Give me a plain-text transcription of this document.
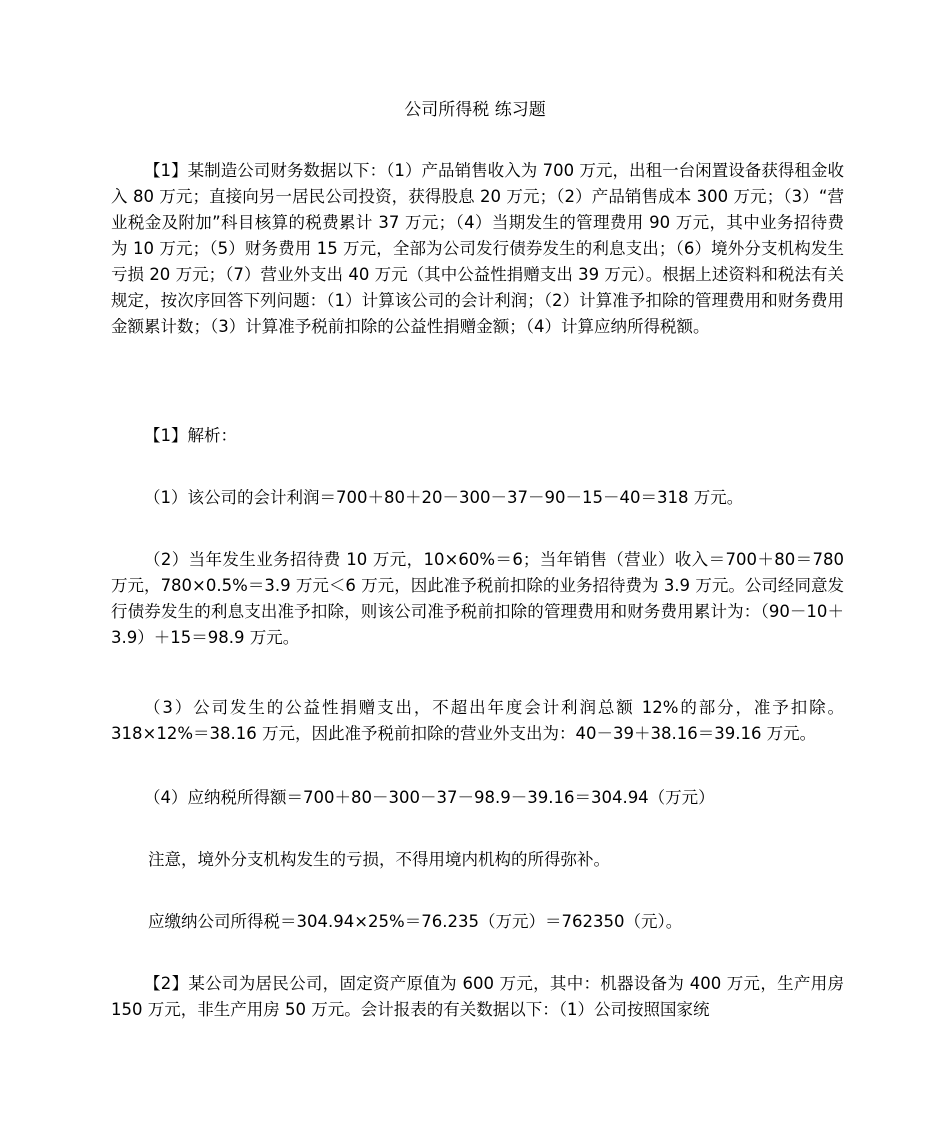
公司所得税 练习题

【1】某制造公司财务数据以下：（1）产品销售收入为 700 万元，出租一台闲置设备获得租金收入 80 万元；直接向另一居民公司投资，获得股息 20 万元；（2）产品销售成本 300 万元；（3）“营业税金及附加”科目核算的税费累计 37 万元；（4）当期发生的管理费用 90 万元，其中业务招待费为 10 万元；（5）财务费用 15 万元，全部为公司发行债券发生的利息支出；（6）境外分支机构发生亏损 20 万元；（7）营业外支出 40 万元（其中公益性捐赠支出 39 万元）。根据上述资料和税法有关规定，按次序回答下列问题：（1）计算该公司的会计利润；（2）计算准予扣除的管理费用和财务费用金额累计数；（3）计算准予税前扣除的公益性捐赠金额；（4）计算应纳所得税额。

【1】解析：

（1）该公司的会计利润＝700＋80＋20－300－37－90－15－40＝318 万元。

（2）当年发生业务招待费 10 万元，10×60%＝6；当年销售（营业）收入＝700＋80＝780 万元，780×0.5%＝3.9 万元＜6 万元，因此准予税前扣除的业务招待费为 3.9 万元。公司经同意发行债券发生的利息支出准予扣除，则该公司准予税前扣除的管理费用和财务费用累计为：（90－10＋3.9）＋15＝98.9 万元。

（3）公司发生的公益性捐赠支出，不超出年度会计利润总额 12%的部分，准予扣除。318×12%＝38.16 万元，因此准予税前扣除的营业外支出为：40－39＋38.16＝39.16 万元。

（4）应纳税所得额＝700＋80－300－37－98.9－39.16＝304.94（万元）

注意，境外分支机构发生的亏损，不得用境内机构的所得弥补。

应缴纳公司所得税＝304.94×25%＝76.235（万元）＝762350（元）。

【2】某公司为居民公司，固定资产原值为 600 万元，其中：机器设备为 400 万元，生产用房 150 万元，非生产用房 50 万元。会计报表的有关数据以下：（1）公司按照国家统
